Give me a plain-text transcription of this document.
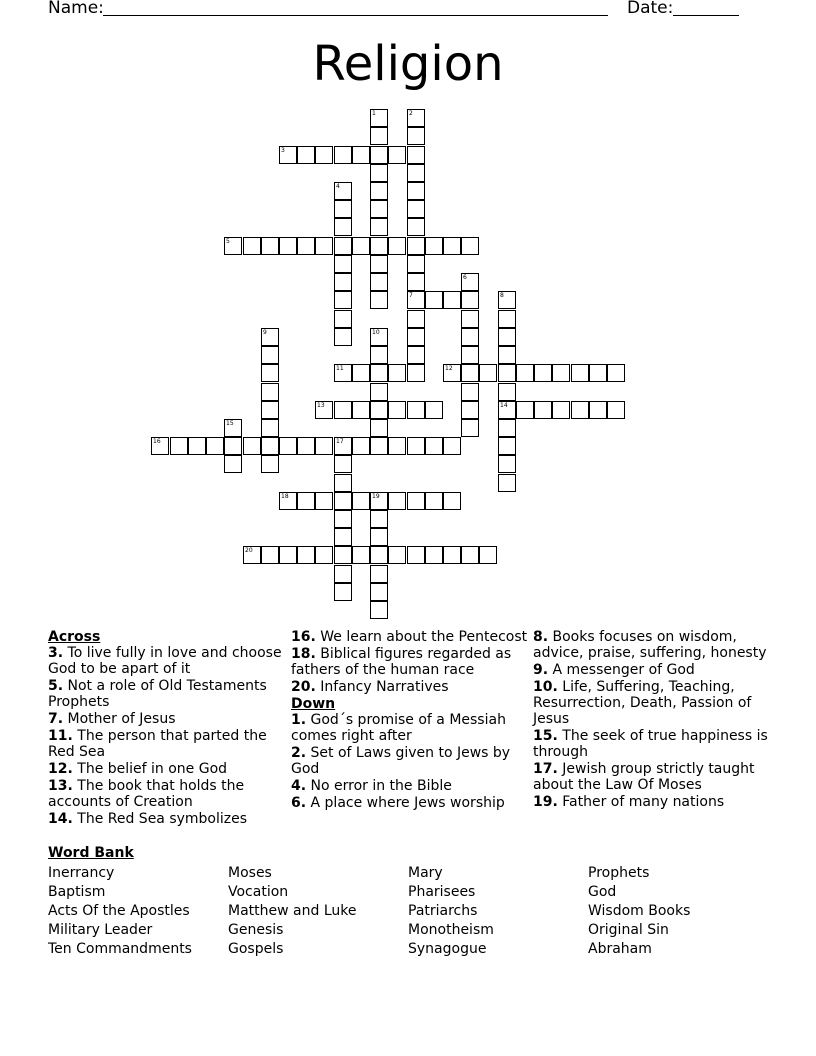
Name:	Date:
Religion
1	2
3
4
5
6
7	8
9	10
11	12
13	14
15
16	17
18	19
20
Across
3. To live fully in love and choose God to be apart of it
5. Not a role of Old Testaments Prophets
7. Mother of Jesus
11. The person that parted the Red Sea
12. The belief in one God
13. The book that holds the accounts of Creation
14. The Red Sea symbolizes
16. We learn about the Pentecost
18. Biblical figures regarded as fathers of the human race
20. Infancy Narratives
Down
1. God´s promise of a Messiah comes right after
2. Set of Laws given to Jews by God
4. No error in the Bible
6. A place where Jews worship
8. Books focuses on wisdom, advice, praise, suffering, honesty
9. A messenger of God
10. Life, Suffering, Teaching, Resurrection, Death, Passion of Jesus
15. The seek of true happiness is through
17. Jewish group strictly taught about the Law Of Moses
19. Father of many nations
Word Bank
Inerrancy	Moses	Mary	Prophets
Baptism	Vocation	Pharisees	God
Acts Of the Apostles	Matthew and Luke	Patriarchs	Wisdom Books
Military Leader	Genesis	Monotheism	Original Sin
Ten Commandments	Gospels	Synagogue	Abraham
